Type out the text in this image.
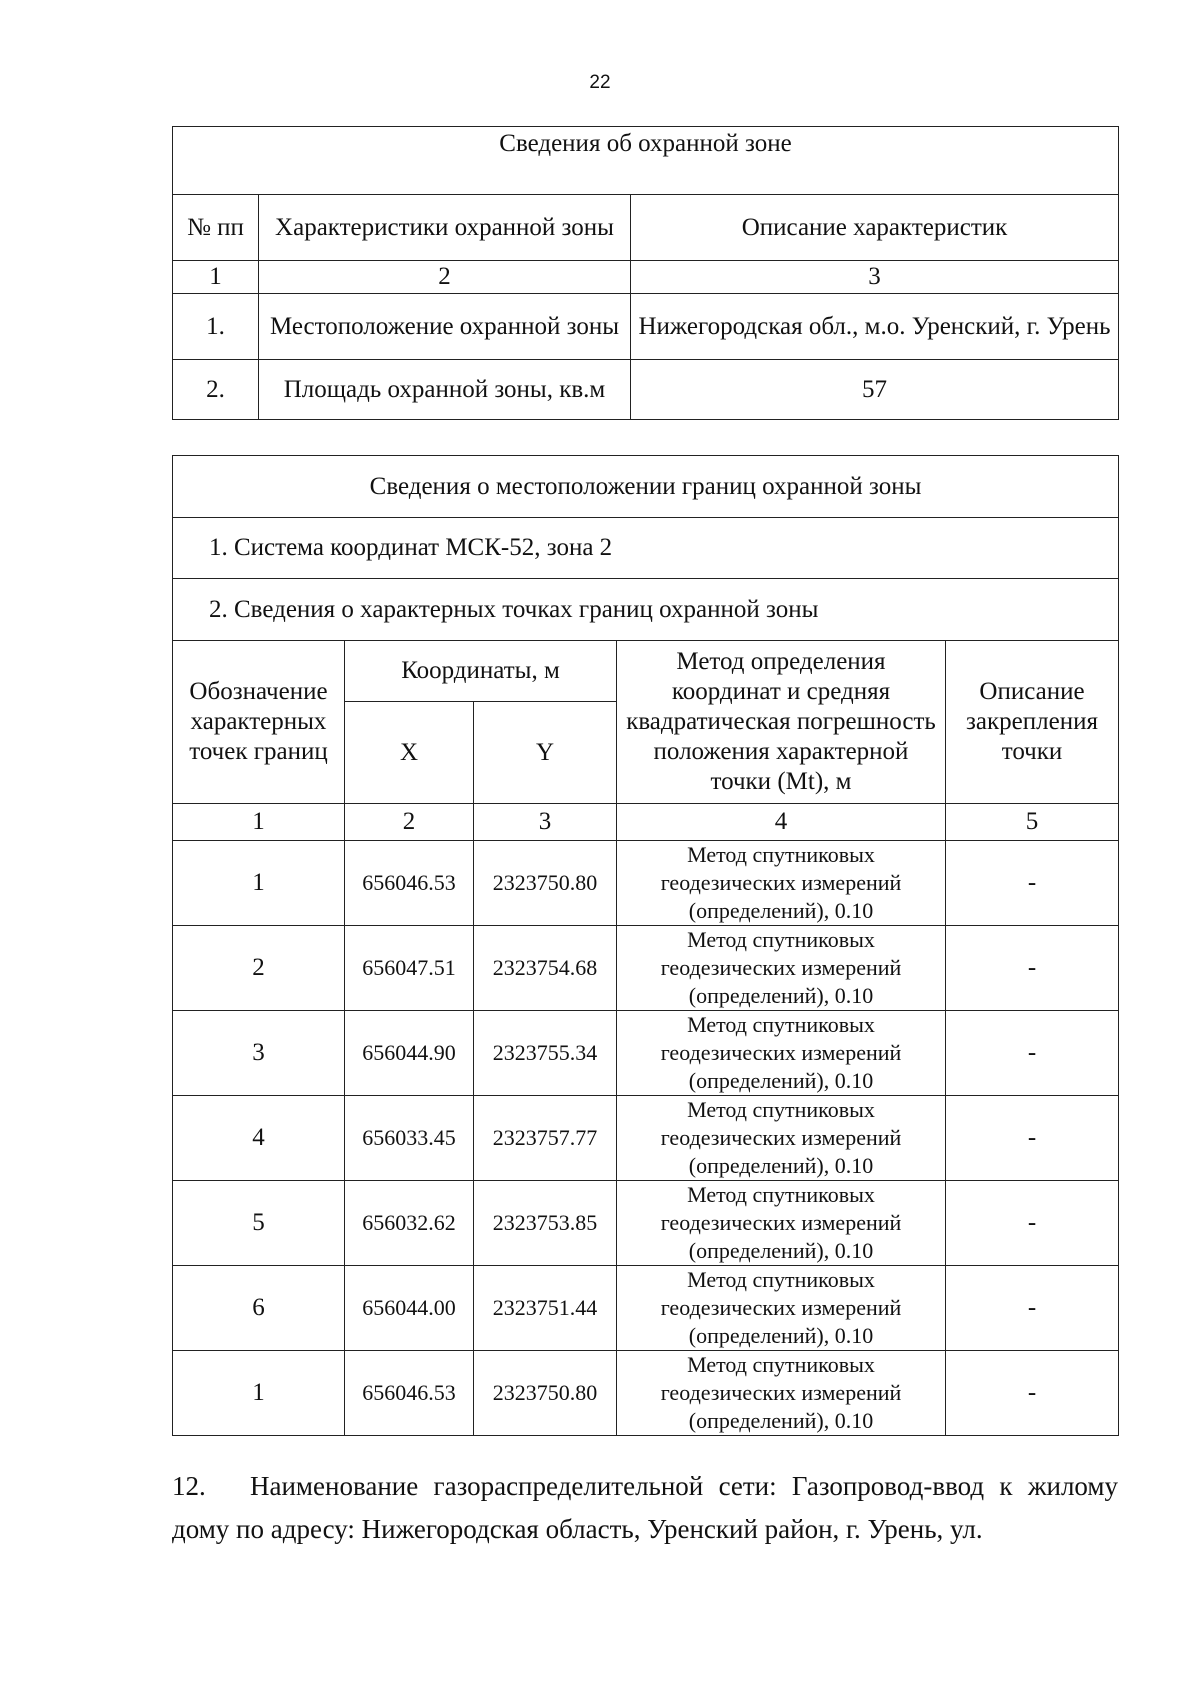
22
Сведения об охранной зоне		
№ пп	Характеристики охранной зоны	Описание характеристик
1	2	3
1.	Местоположение охранной зоны	Нижегородская обл., м.о. Уренский, г. Урень
2.	Площадь охранной зоны, кв.м	57
Сведения о местоположении границ охранной зоны				
1. Система координат МСК-52, зона 2				
2. Сведения о характерных точках границ охранной зоны				
Обозначение характерных точек границ	Координаты, м		Метод определения координат и средняя квадратическая погрешность положения характерной точки (Mt), м	Описание закрепления точки
	X	Y		
1	2	3	4	5
1	656046.53	2323750.80	Метод спутниковых геодезических измерений (определений), 0.10	-
2	656047.51	2323754.68	Метод спутниковых геодезических измерений (определений), 0.10	-
3	656044.90	2323755.34	Метод спутниковых геодезических измерений (определений), 0.10	-
4	656033.45	2323757.77	Метод спутниковых геодезических измерений (определений), 0.10	-
5	656032.62	2323753.85	Метод спутниковых геодезических измерений (определений), 0.10	-
6	656044.00	2323751.44	Метод спутниковых геодезических измерений (определений), 0.10	-
1	656046.53	2323750.80	Метод спутниковых геодезических измерений (определений), 0.10	-
12. Наименование газораспределительной сети: Газопровод-ввод к жилому дому по адресу: Нижегородская область, Уренский район, г. Урень, ул.
